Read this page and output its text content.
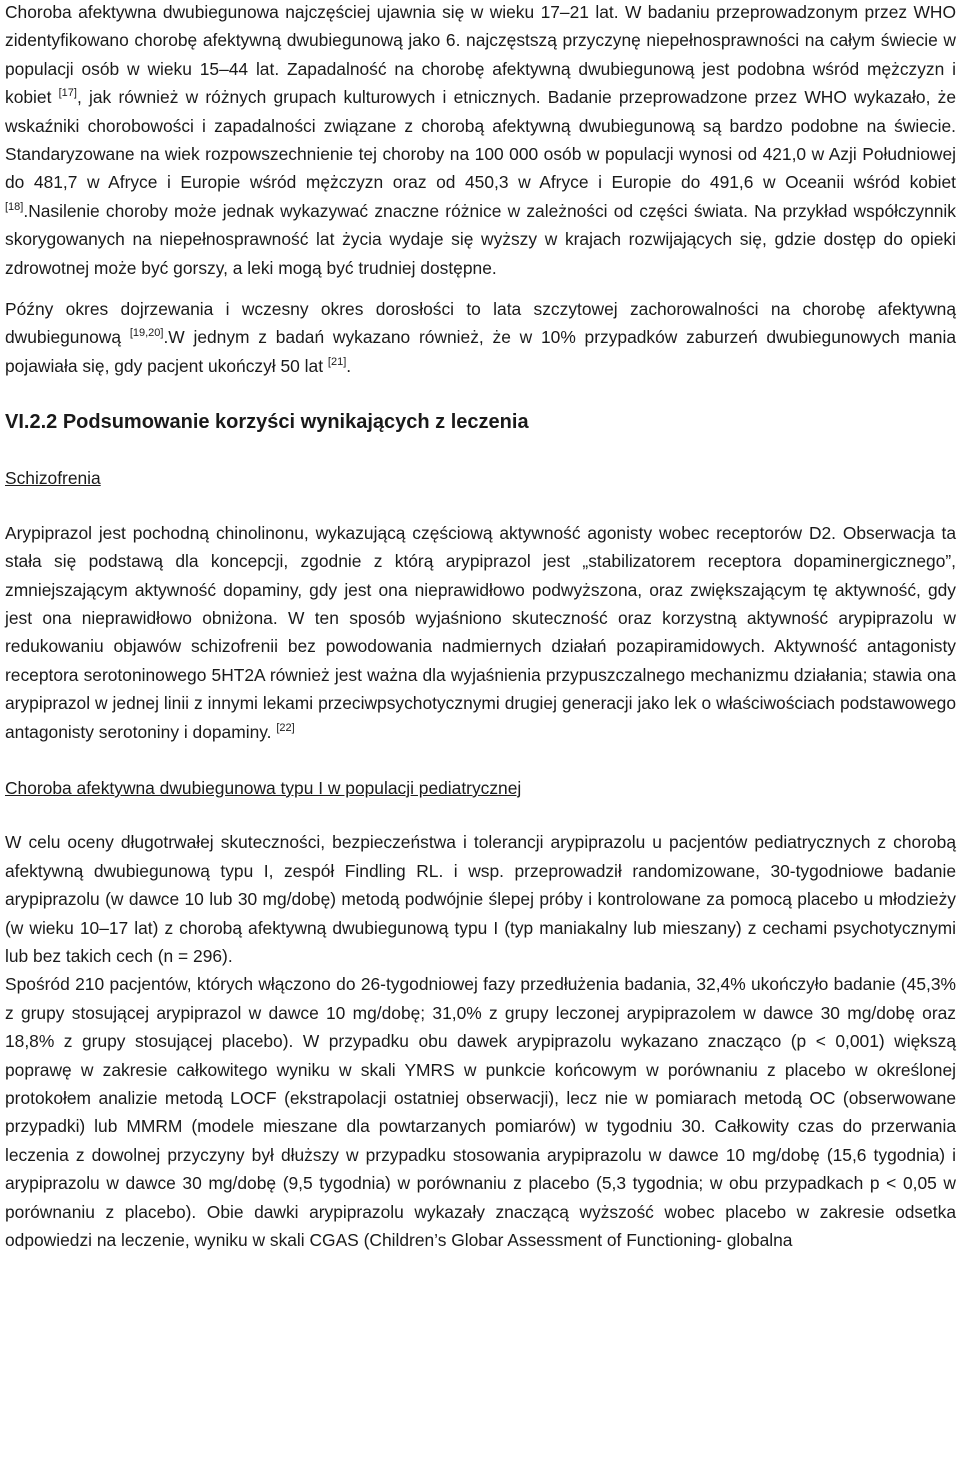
Choroba afektywna dwubiegunowa najczęściej ujawnia się w wieku 17–21 lat. W badaniu przeprowadzonym przez WHO zidentyfikowano chorobę afektywną dwubiegunową jako 6. najczęstszą przyczynę niepełnosprawności na całym świecie w populacji osób w wieku 15–44 lat. Zapadalność na chorobę afektywną dwubiegunową jest podobna wśród mężczyzn i kobiet [17], jak również w różnych grupach kulturowych i etnicznych. Badanie przeprowadzone przez WHO wykazało, że wskaźniki chorobowości i zapadalności związane z chorobą afektywną dwubiegunową są bardzo podobne na świecie. Standaryzowane na wiek rozpowszechnienie tej choroby na 100 000 osób w populacji wynosi od 421,0 w Azji Południowej do 481,7 w Afryce i Europie wśród mężczyzn oraz od 450,3 w Afryce i Europie do 491,6 w Oceanii wśród kobiet [18].Nasilenie choroby może jednak wykazywać znaczne różnice w zależności od części świata. Na przykład współczynnik skorygowanych na niepełnosprawność lat życia wydaje się wyższy w krajach rozwijających się, gdzie dostęp do opieki zdrowotnej może być gorszy, a leki mogą być trudniej dostępne.

Późny okres dojrzewania i wczesny okres dorosłości to lata szczytowej zachorowalności na chorobę afektywną dwubiegunową [19,20].W jednym z badań wykazano również, że w 10% przypadków zaburzeń dwubiegunowych mania pojawiała się, gdy pacjent ukończył 50 lat [21].

VI.2.2 Podsumowanie korzyści wynikających z leczenia

Schizofrenia

Arypiprazol jest pochodną chinolinonu, wykazującą częściową aktywność agonisty wobec receptorów D2. Obserwacja ta stała się podstawą dla koncepcji, zgodnie z którą arypiprazol jest „stabilizatorem receptora dopaminergicznego”, zmniejszającym aktywność dopaminy, gdy jest ona nieprawidłowo podwyższona, oraz zwiększającym tę aktywność, gdy jest ona nieprawidłowo obniżona. W ten sposób wyjaśniono skuteczność oraz korzystną aktywność arypiprazolu w redukowaniu objawów schizofrenii bez powodowania nadmiernych działań pozapiramidowych. Aktywność antagonisty receptora serotoninowego 5HT2A również jest ważna dla wyjaśnienia przypuszczalnego mechanizmu działania; stawia ona arypiprazol w jednej linii z innymi lekami przeciwpsychotycznymi drugiej generacji jako lek o właściwościach podstawowego antagonisty serotoniny i dopaminy. [22]

Choroba afektywna dwubiegunowa typu I w populacji pediatrycznej

W celu oceny długotrwałej skuteczności, bezpieczeństwa i tolerancji arypiprazolu u pacjentów pediatrycznych z chorobą afektywną dwubiegunową typu I, zespół Findling RL. i wsp. przeprowadził randomizowane, 30-tygodniowe badanie arypiprazolu (w dawce 10 lub 30 mg/dobę) metodą podwójnie ślepej próby i kontrolowane za pomocą placebo u młodzieży (w wieku 10–17 lat) z chorobą afektywną dwubiegunową typu I (typ maniakalny lub mieszany) z cechami psychotycznymi lub bez takich cech (n = 296).

Spośród 210 pacjentów, których włączono do 26-tygodniowej fazy przedłużenia badania, 32,4% ukończyło badanie (45,3% z grupy stosującej arypiprazol w dawce 10 mg/dobę; 31,0% z grupy leczonej arypiprazolem w dawce 30 mg/dobę oraz 18,8% z grupy stosującej placebo). W przypadku obu dawek arypiprazolu wykazano znacząco (p < 0,001) większą poprawę w zakresie całkowitego wyniku w skali YMRS w punkcie końcowym w porównaniu z placebo w określonej protokołem analizie metodą LOCF (ekstrapolacji ostatniej obserwacji), lecz nie w pomiarach metodą OC (obserwowane przypadki) lub MMRM (modele mieszane dla powtarzanych pomiarów) w tygodniu 30. Całkowity czas do przerwania leczenia z dowolnej przyczyny był dłuższy w przypadku stosowania arypiprazolu w dawce 10 mg/dobę (15,6 tygodnia) i arypiprazolu w dawce 30 mg/dobę (9,5 tygodnia) w porównaniu z placebo (5,3 tygodnia; w obu przypadkach p < 0,05 w porównaniu z placebo). Obie dawki arypiprazolu wykazały znaczącą wyższość wobec placebo w zakresie odsetka odpowiedzi na leczenie, wyniku w skali CGAS (Children’s Globar Assessment of Functioning- globalna
